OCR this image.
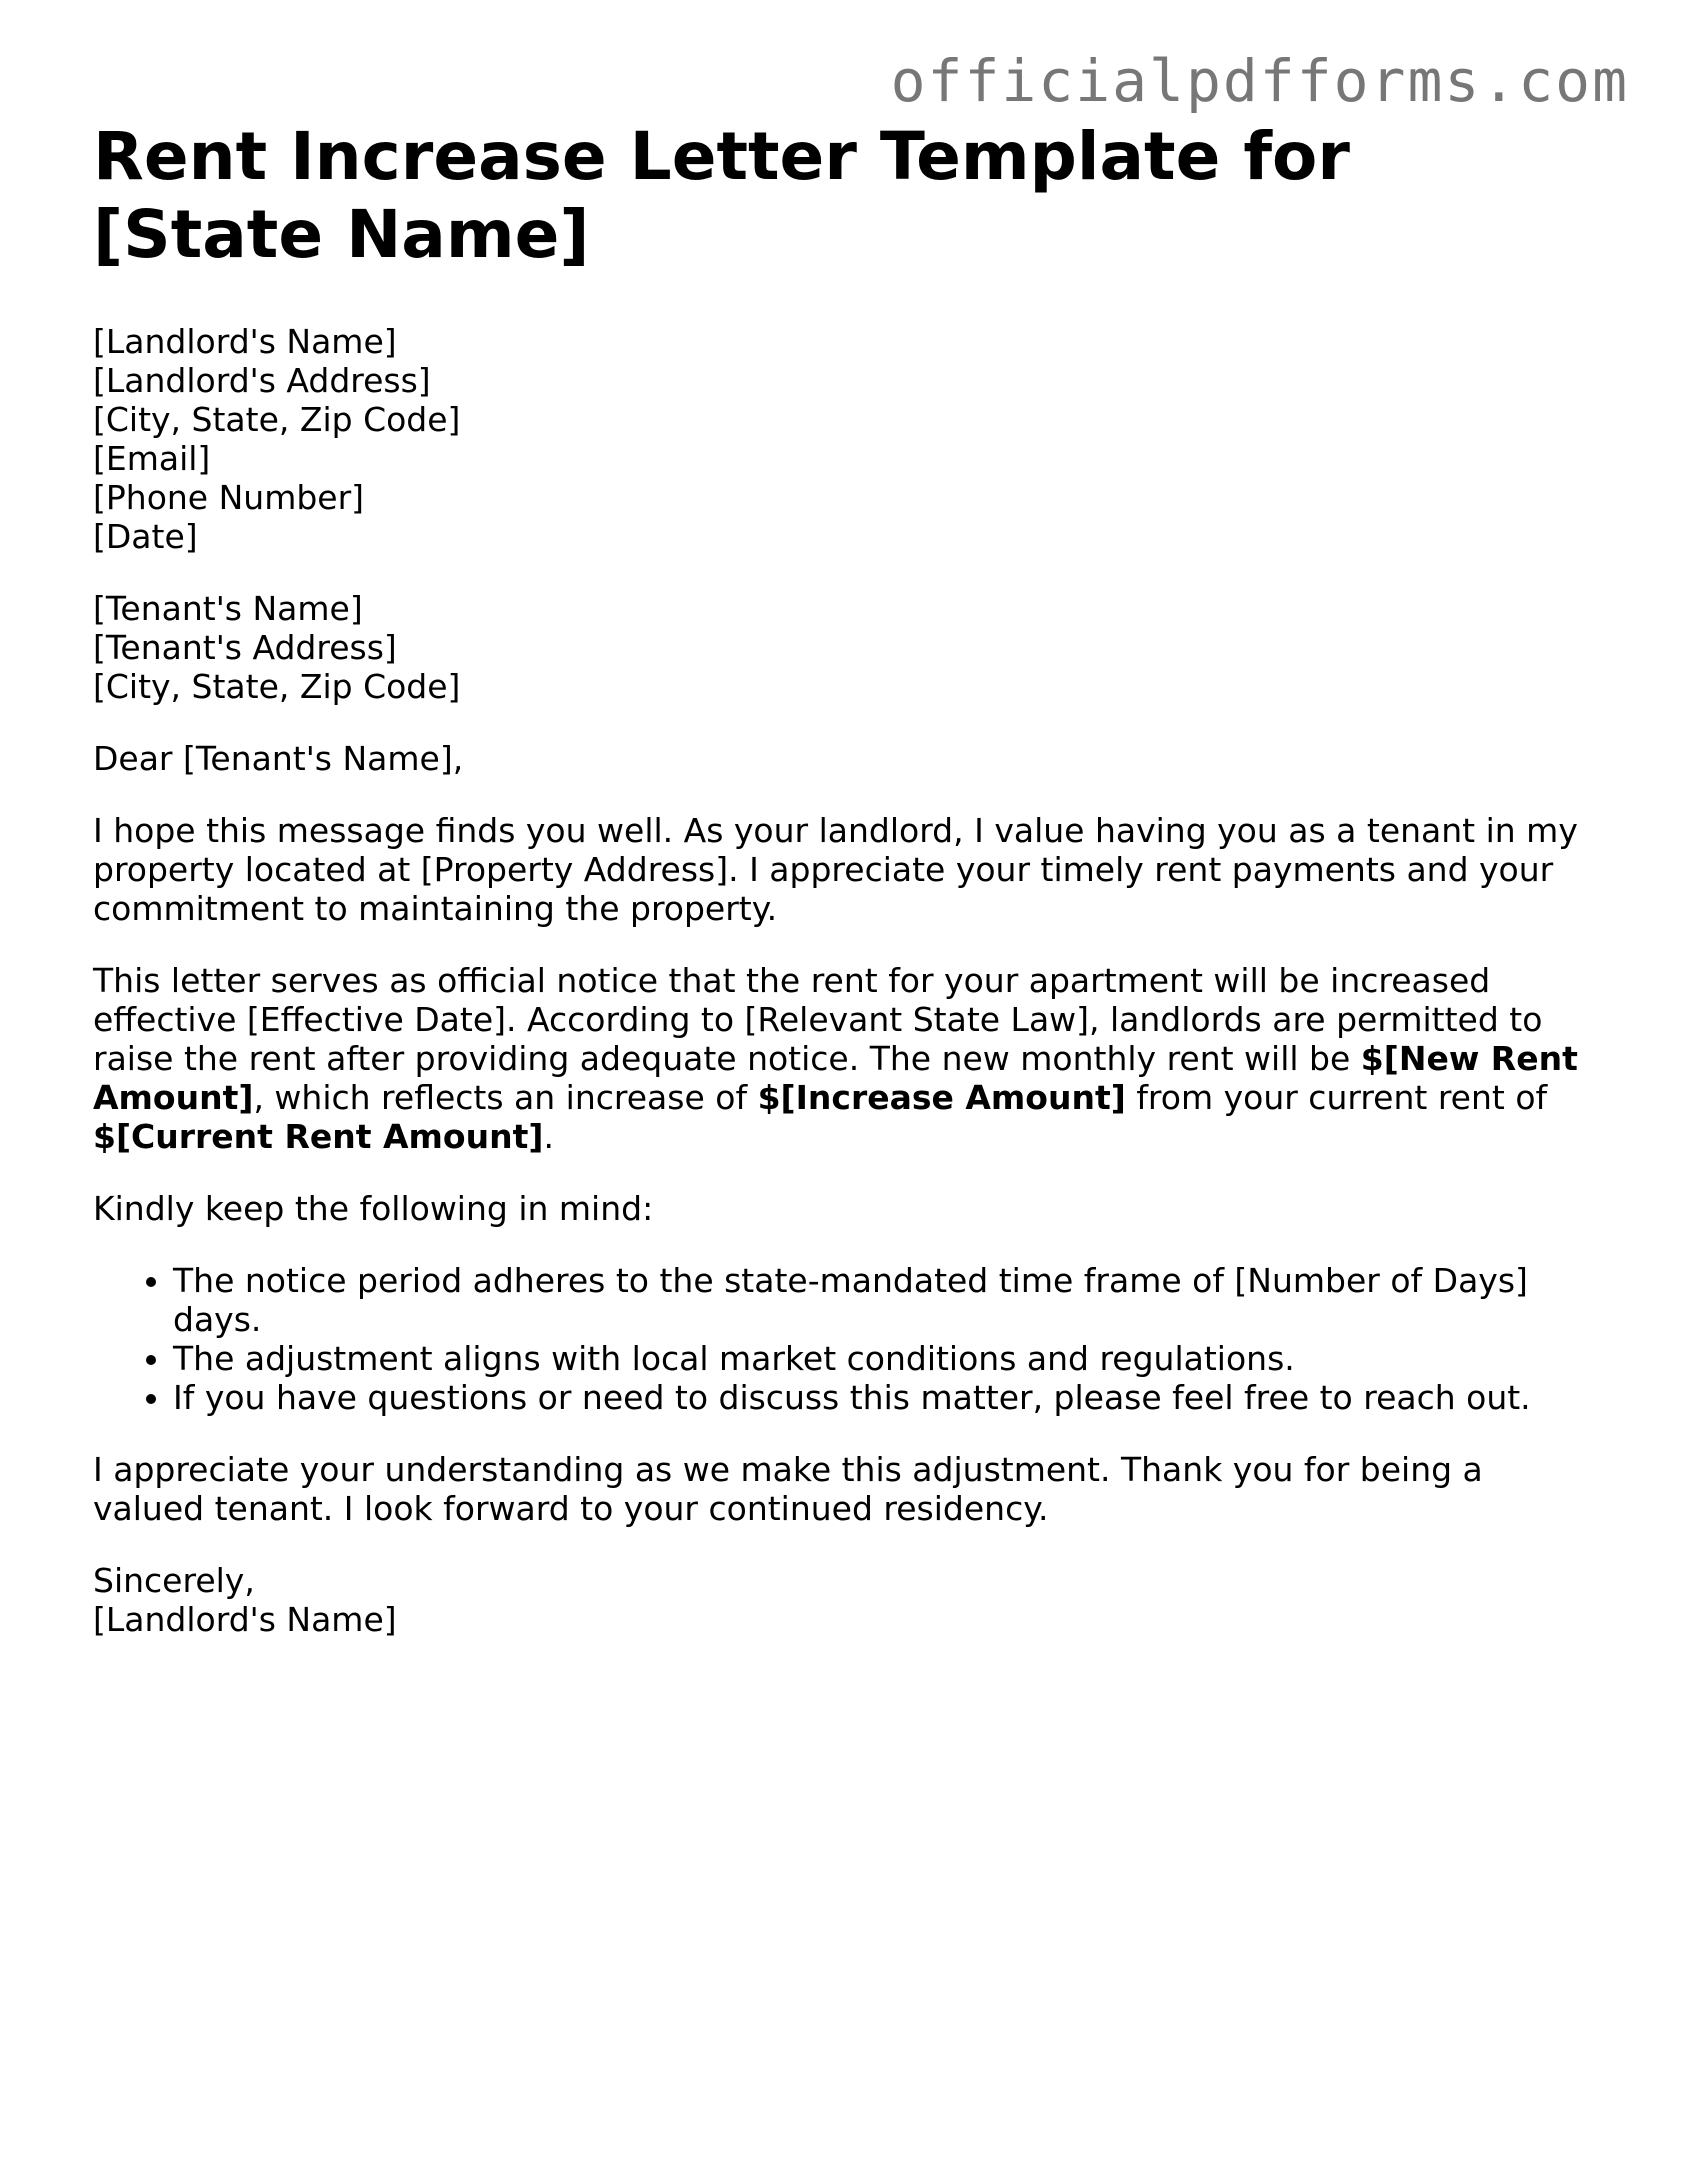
officialpdfforms.com
Rent Increase Letter Template for [State Name]
[Landlord's Name]
[Landlord's Address]
[City, State, Zip Code]
[Email]
[Phone Number]
[Date]
[Tenant's Name]
[Tenant's Address]
[City, State, Zip Code]

Dear [Tenant's Name],

I hope this message finds you well. As your landlord, I value having you as a tenant in my property located at [Property Address]. I appreciate your timely rent payments and your commitment to maintaining the property.

This letter serves as official notice that the rent for your apartment will be increased effective [Effective Date]. According to [Relevant State Law], landlords are permitted to raise the rent after providing adequate notice. The new monthly rent will be $[New Rent Amount], which reflects an increase of $[Increase Amount] from your current rent of $[Current Rent Amount].

Kindly keep the following in mind:

• The notice period adheres to the state-mandated time frame of [Number of Days] days.
• The adjustment aligns with local market conditions and regulations.
• If you have questions or need to discuss this matter, please feel free to reach out.

I appreciate your understanding as we make this adjustment. Thank you for being a valued tenant. I look forward to your continued residency.

Sincerely,
[Landlord's Name]
